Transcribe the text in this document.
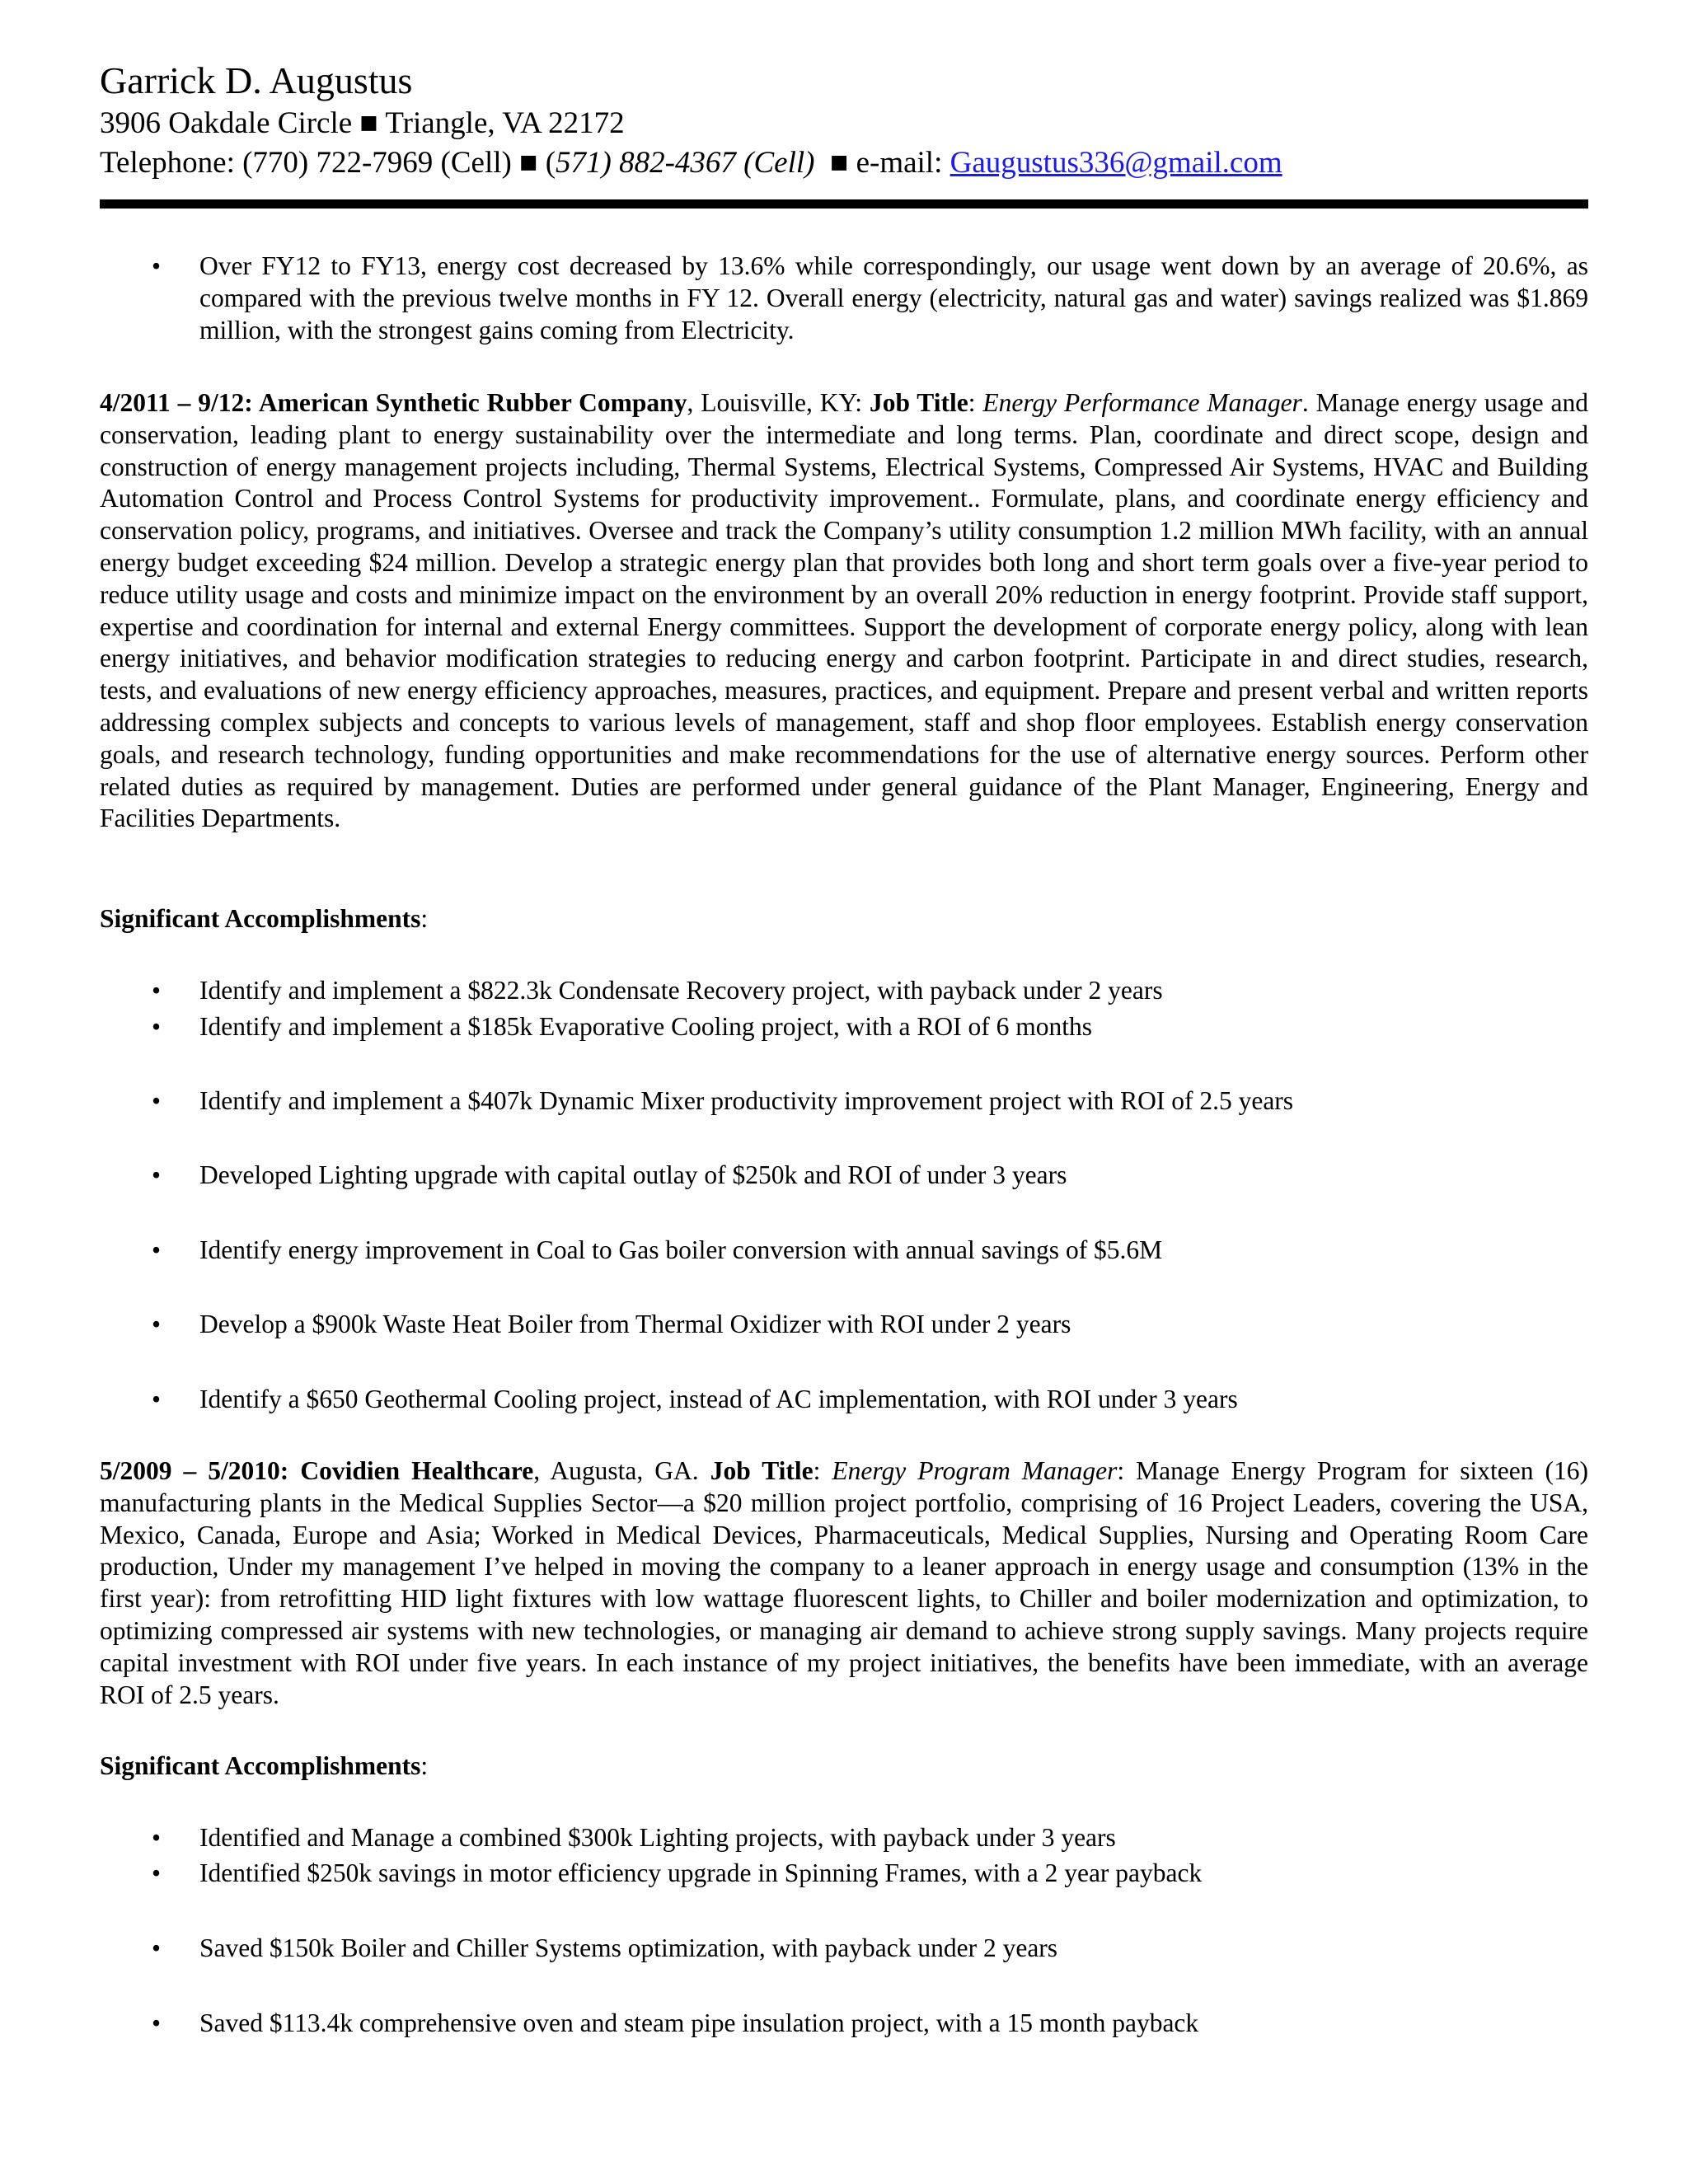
Garrick D. Augustus
3906 Oakdale Circle ■ Triangle, VA 22172
Telephone: (770) 722-7969 (Cell) ■ (571) 882-4367 (Cell)  ■ e-mail: Gaugustus336@gmail.com
• Over FY12 to FY13, energy cost decreased by 13.6% while correspondingly, our usage went down by an average of 20.6%, as compared with the previous twelve months in FY 12. Overall energy (electricity, natural gas and water) savings realized was $1.869 million, with the strongest gains coming from Electricity.
4/2011 – 9/12: American Synthetic Rubber Company, Louisville, KY: Job Title: Energy Performance Manager. Manage energy usage and conservation, leading plant to energy sustainability over the intermediate and long terms. Plan, coordinate and direct scope, design and construction of energy management projects including, Thermal Systems, Electrical Systems, Compressed Air Systems, HVAC and Building Automation Control and Process Control Systems for productivity improvement.. Formulate, plans, and coordinate energy efficiency and conservation policy, programs, and initiatives. Oversee and track the Company’s utility consumption 1.2 million MWh facility, with an annual energy budget exceeding $24 million. Develop a strategic energy plan that provides both long and short term goals over a five-year period to reduce utility usage and costs and minimize impact on the environment by an overall 20% reduction in energy footprint. Provide staff support, expertise and coordination for internal and external Energy committees. Support the development of corporate energy policy, along with lean energy initiatives, and behavior modification strategies to reducing energy and carbon footprint. Participate in and direct studies, research, tests, and evaluations of new energy efficiency approaches, measures, practices, and equipment. Prepare and present verbal and written reports addressing complex subjects and concepts to various levels of management, staff and shop floor employees. Establish energy conservation goals, and research technology, funding opportunities and make recommendations for the use of alternative energy sources. Perform other related duties as required by management. Duties are performed under general guidance of the Plant Manager, Engineering, Energy and Facilities Departments.
Significant Accomplishments:
• Identify and implement a $822.3k Condensate Recovery project, with payback under 2 years
• Identify and implement a $185k Evaporative Cooling project, with a ROI of 6 months
• Identify and implement a $407k Dynamic Mixer productivity improvement project with ROI of 2.5 years
• Developed Lighting upgrade with capital outlay of $250k and ROI of under 3 years
• Identify energy improvement in Coal to Gas boiler conversion with annual savings of $5.6M
• Develop a $900k Waste Heat Boiler from Thermal Oxidizer with ROI under 2 years
• Identify a $650 Geothermal Cooling project, instead of AC implementation, with ROI under 3 years
5/2009 – 5/2010: Covidien Healthcare, Augusta, GA. Job Title: Energy Program Manager: Manage Energy Program for sixteen (16) manufacturing plants in the Medical Supplies Sector—a $20 million project portfolio, comprising of 16 Project Leaders, covering the USA, Mexico, Canada, Europe and Asia; Worked in Medical Devices, Pharmaceuticals, Medical Supplies, Nursing and Operating Room Care production, Under my management I’ve helped in moving the company to a leaner approach in energy usage and consumption (13% in the first year): from retrofitting HID light fixtures with low wattage fluorescent lights, to Chiller and boiler modernization and optimization, to optimizing compressed air systems with new technologies, or managing air demand to achieve strong supply savings. Many projects require capital investment with ROI under five years. In each instance of my project initiatives, the benefits have been immediate, with an average ROI of 2.5 years.
Significant Accomplishments:
• Identified and Manage a combined $300k Lighting projects, with payback under 3 years
• Identified $250k savings in motor efficiency upgrade in Spinning Frames, with a 2 year payback
• Saved $150k Boiler and Chiller Systems optimization, with payback under 2 years
• Saved $113.4k comprehensive oven and steam pipe insulation project, with a 15 month payback
